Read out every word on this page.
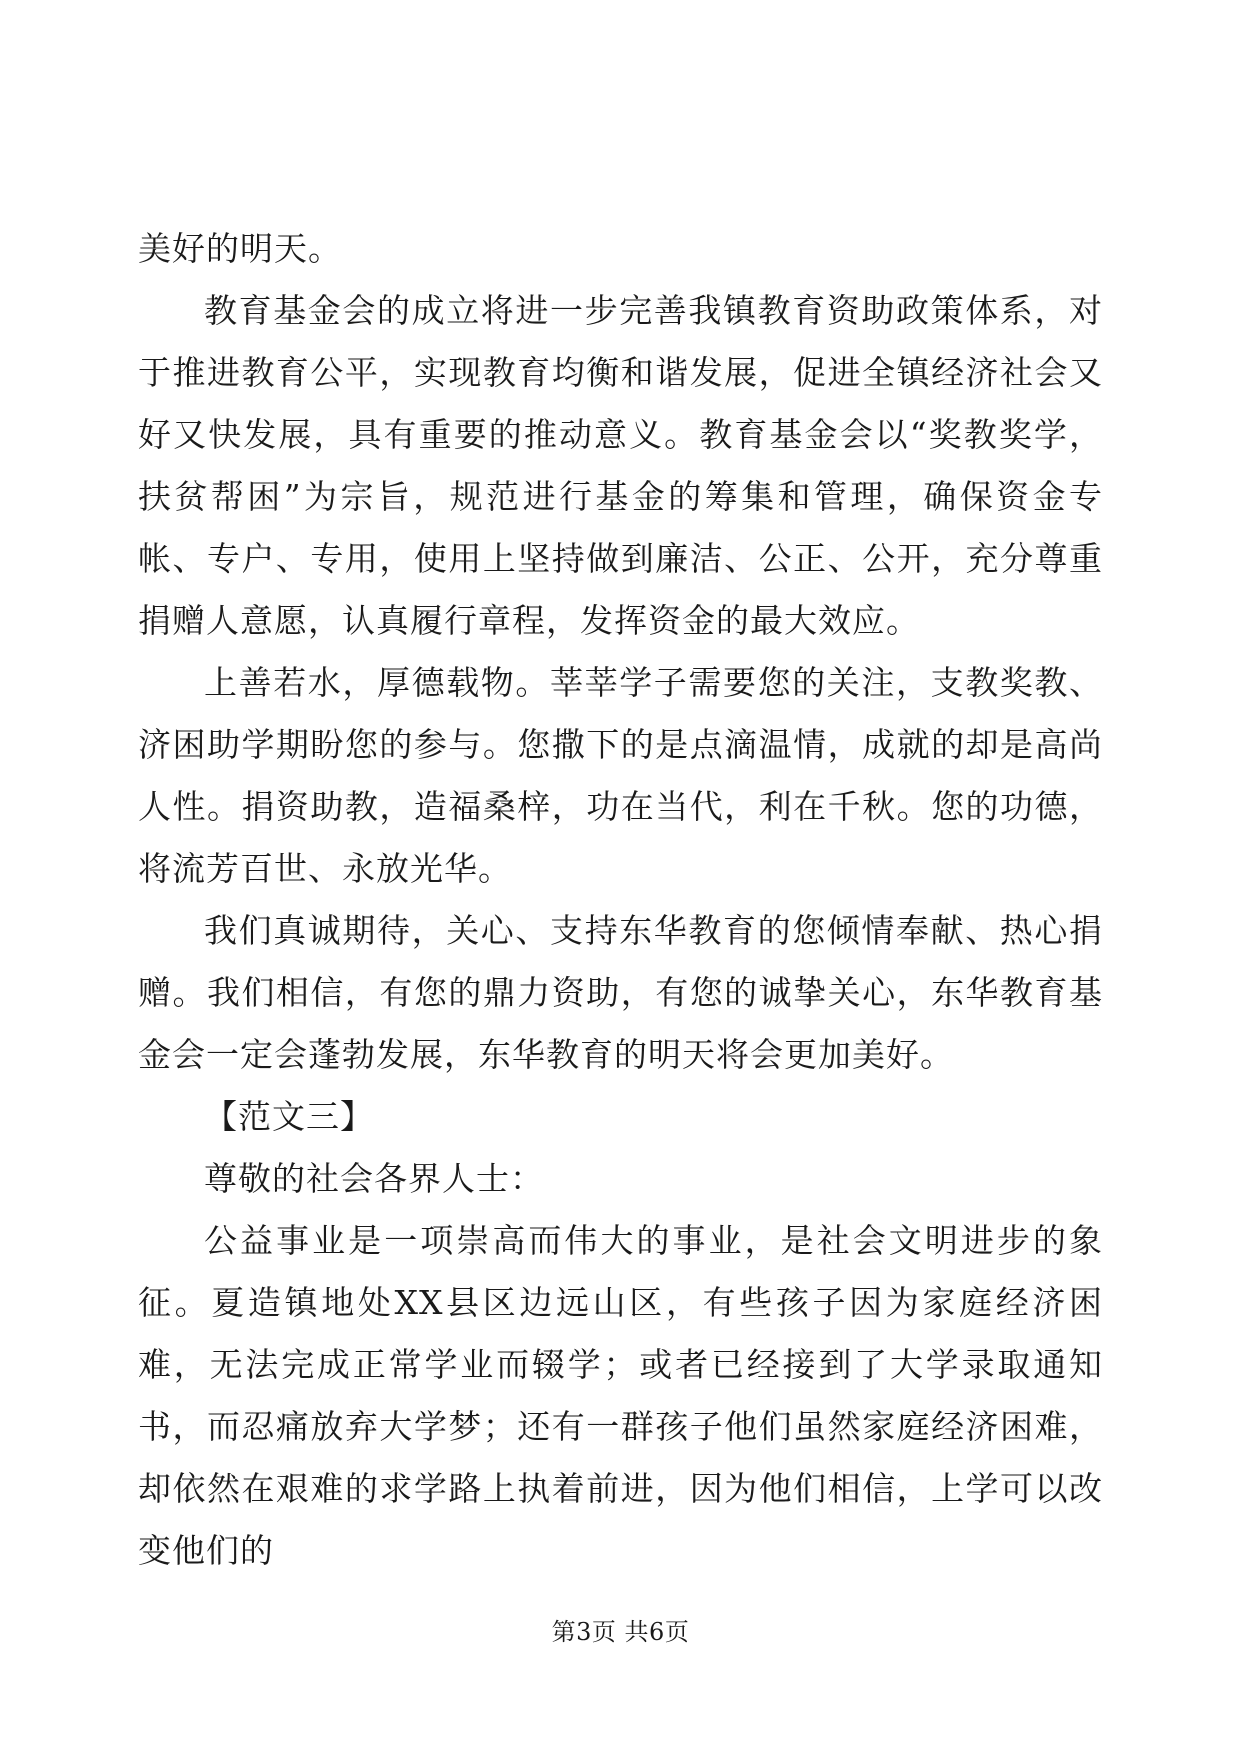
美好的明天。

教育基金会的成立将进一步完善我镇教育资助政策体系，对于推进教育公平，实现教育均衡和谐发展，促进全镇经济社会又好又快发展，具有重要的推动意义。教育基金会以“奖教奖学，扶贫帮困”为宗旨，规范进行基金的筹集和管理，确保资金专帐、专户、专用，使用上坚持做到廉洁、公正、公开，充分尊重捐赠人意愿，认真履行章程，发挥资金的最大效应。

上善若水，厚德载物。莘莘学子需要您的关注，支教奖教、济困助学期盼您的参与。您撒下的是点滴温情，成就的却是高尚人性。捐资助教，造福桑梓，功在当代，利在千秋。您的功德，将流芳百世、永放光华。

我们真诚期待，关心、支持东华教育的您倾情奉献、热心捐赠。我们相信，有您的鼎力资助，有您的诚挚关心，东华教育基金会一定会蓬勃发展，东华教育的明天将会更加美好。

【范文三】

尊敬的社会各界人士：

公益事业是一项崇高而伟大的事业，是社会文明进步的象征。夏造镇地处XX县区边远山区，有些孩子因为家庭经济困难，无法完成正常学业而辍学；或者已经接到了大学录取通知书，而忍痛放弃大学梦；还有一群孩子他们虽然家庭经济困难，却依然在艰难的求学路上执着前进，因为他们相信，上学可以改变他们的

第3页 共6页
